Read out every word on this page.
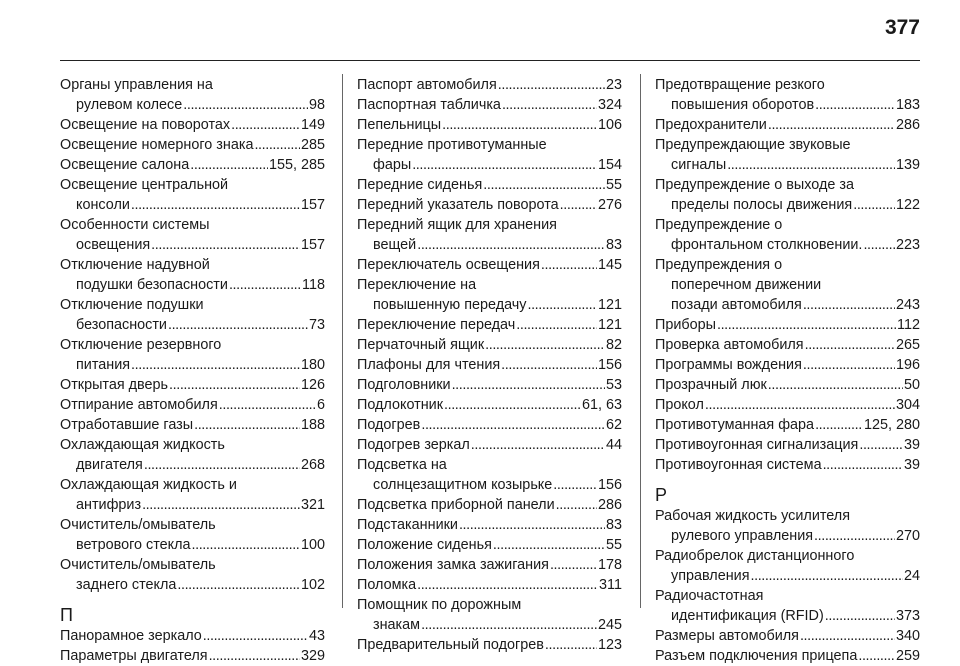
377
Органы управления на
рулевом колесе . . .	98
Освещение на поворотах . . .	149
Освещение номерного знака . . .	285
Освещение салона . . .	155, 285
Освещение центральной
консоли . . .	157
Особенности системы
освещения . . .	157
Отключение надувной
подушки безопасности . . .	118
Отключение подушки
безопасности . . .	73
Отключение резервного
питания . . .	180
Открытая дверь . . .	126
Отпирание автомобиля . . .	6
Отработавшие газы . . .	188
Охлаждающая жидкость
двигателя . . .	268
Охлаждающая жидкость и
антифриз . . .	321
Очиститель/омыватель
ветрового стекла . . .	100
Очиститель/омыватель
заднего стекла . . .	102
П
Панорамное зеркало . . .	43
Параметры двигателя . . .	329
Паспорт автомобиля . . .	23
Паспортная табличка . . .	324
Пепельницы . . .	106
Передние противотуманные
фары . . .	154
Передние сиденья . . .	55
Передний указатель поворота . . .	276
Передний ящик для хранения
вещей . . .	83
Переключатель освещения . . .	145
Переключение на
повышенную передачу . . .	121
Переключение передач . . .	121
Перчаточный ящик . . .	82
Плафоны для чтения . . .	156
Подголовники . . .	53
Подлокотник . . .	61, 63
Подогрев . . .	62
Подогрев зеркал . . .	44
Подсветка на
солнцезащитном козырьке . . .	156
Подсветка приборной панели . . .	286
Подстаканники . . .	83
Положение сиденья . . .	55
Положения замка зажигания . . .	178
Поломка . . .	311
Помощник по дорожным
знакам . . .	245
Предварительный подогрев . . .	123
Предотвращение резкого
повышения оборотов . . .	183
Предохранители . . .	286
Предупреждающие звуковые
сигналы . . .	139
Предупреждение о выходе за
пределы полосы движения . . .	122
Предупреждение о
фронтальном столкновении. . . . 223
Предупреждения о
поперечном движении
позади автомобиля . . .	243
Приборы . . .	112
Проверка автомобиля . . .	265
Программы вождения . . .	196
Прозрачный люк . . .	50
Прокол . . .	304
Противотуманная фара . . .	125, 280
Противоугонная сигнализация . . .	39
Противоугонная система . . .	39
Р
Рабочая жидкость усилителя
рулевого управления . . .	270
Радиобрелок дистанционного
управления . . .	24
Радиочастотная
идентификация (RFID) . . .	373
Размеры автомобиля . . .	340
Разъем подключения прицепа . . .	259
